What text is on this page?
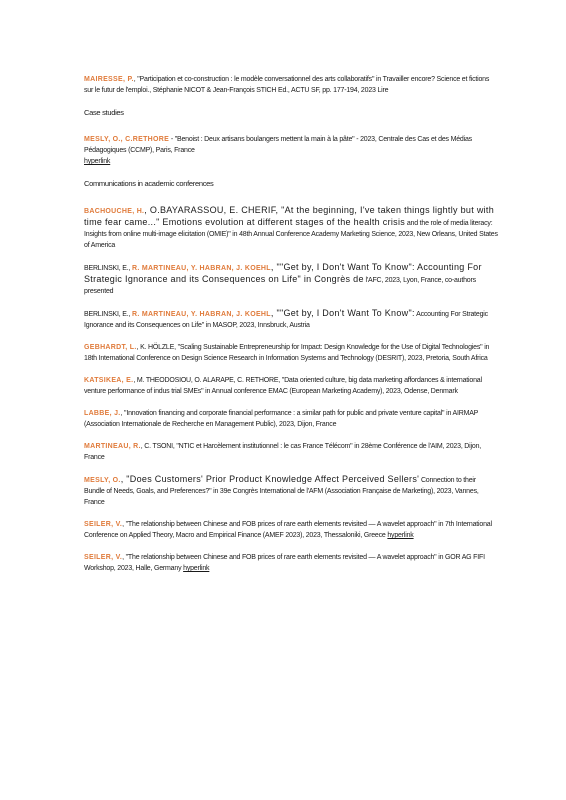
MAIRESSE, P., "Participation et co-construction : le modèle conversationnel des arts collaboratifs" in Travailler encore? Science et fictions sur le futur de l'emploi., Stéphanie NICOT & Jean-François STICH Ed., ACTU SF, pp. 177-194, 2023 Lire

Case studies

MESLY, O., C.RETHORE - "Benoist : Deux artisans boulangers mettent la main à la pâte" - 2023, Centrale des Cas et des Médias Pédagogiques (CCMP), Paris, France
hyperlink

Communications in academic conferences

BACHOUCHE, H., O.BAYARASSOU, E. CHERIF, "At the beginning, I've taken things lightly but with time fear came..." Emotions evolution at different stages of the health crisis and the role of media literacy: Insights from online multi-image elicitation (OMIE)" in 48th Annual Conference Academy Marketing Science, 2023, New Orleans, United States of America

BERLINSKI, E., R. MARTINEAU, Y. HABRAN, J. KOEHL, ""Get by, I Don't Want To Know": Accounting For Strategic Ignorance and its Consequences on Life" in Congrès de l'AFC, 2023, Lyon, France, co-authors presented

BERLINSKI, E., R. MARTINEAU, Y. HABRAN, J. KOEHL, ""Get by, I Don't Want To Know": Accounting For Strategic Ignorance and its Consequences on Life" in MASOP, 2023, Innsbruck, Austria

GEBHARDT, L., K. HÖLZLE, "Scaling Sustainable Entrepreneurship for Impact: Design Knowledge for the Use of Digital Technologies" in 18th International Conference on Design Science Research in Information Systems and Technology (DESRIT), 2023, Pretoria, South Africa

KATSIKEA, E., M. THEODOSIOU, O. ALARAPE, C. RETHORE, "Data oriented culture, big data marketing affordances & international venture performance of indus trial SMEs" in Annual conference EMAC (European Marketing Academy), 2023, Odense, Denmark

LABBE, J., "Innovation financing and corporate financial performance : a similar path for public and private venture capital" in AIRMAP (Association Internationale de Recherche en Management Public), 2023, Dijon, France

MARTINEAU, R., C. TSONI, "NTIC et Harcèlement institutionnel : le cas France Télécom" in 28ème Conférence de l'AIM, 2023, Dijon, France

MESLY, O., "Does Customers' Prior Product Knowledge Affect Perceived Sellers' Connection to their Bundle of Needs, Goals, and Preferences?" in 39e Congrès International de l'AFM (Association Française de Marketing), 2023, Vannes, France

SEILER, V., "The relationship between Chinese and FOB prices of rare earth elements revisited — A wavelet approach" in 7th International Conference on Applied Theory, Macro and Empirical Finance (AMEF 2023), 2023, Thessaloniki, Greece hyperlink

SEILER, V., "The relationship between Chinese and FOB prices of rare earth elements revisited — A wavelet approach" in GOR AG FIFI Workshop, 2023, Halle, Germany hyperlink
